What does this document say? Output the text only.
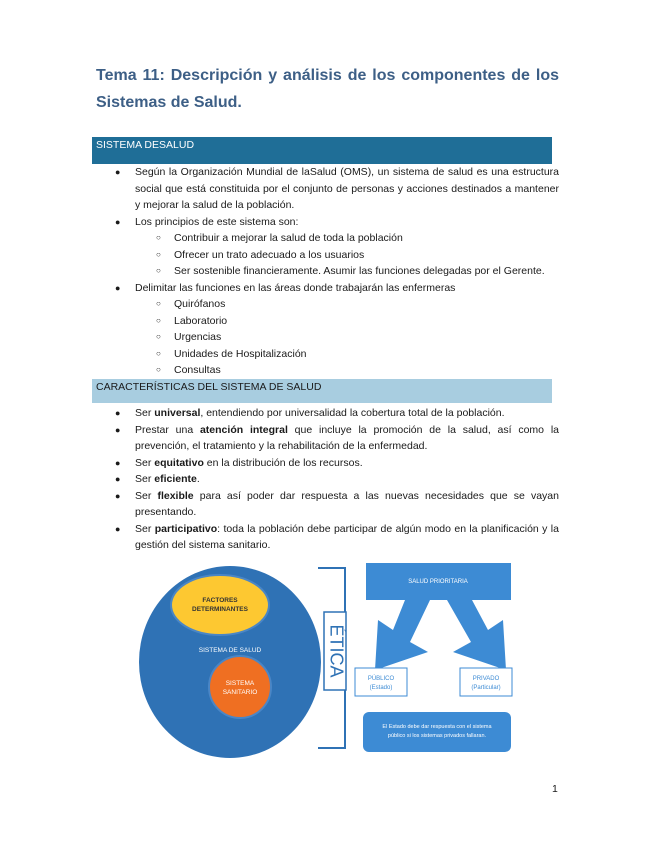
Tema 11: Descripción y análisis de los componentes de los Sistemas de Salud.
SISTEMA DESALUD
● Según la Organización Mundial de laSalud (OMS), un sistema de salud es una estructura social que está constituida por el conjunto de personas y acciones destinados a mantener y mejorar la salud de la población.
● Los principios de este sistema son:
○ Contribuir a mejorar la salud de toda la población
○ Ofrecer un trato adecuado a los usuarios
○ Ser sostenible financieramente. Asumir las funciones delegadas por el Gerente.
● Delimitar las funciones en las áreas donde trabajarán las enfermeras
○ Quirófanos
○ Laboratorio
○ Urgencias
○ Unidades de Hospitalización
○ Consultas
CARACTERÍSTICAS DEL SISTEMA DE SALUD
● Ser universal, entendiendo por universalidad la cobertura total de la población.
● Prestar una atención integral que incluye la promoción de la salud, así como la prevención, el tratamiento y la rehabilitación de la enfermedad.
● Ser equitativo en la distribución de los recursos.
● Ser eficiente.
● Ser flexible para así poder dar respuesta a las nuevas necesidades que se vayan presentando.
● Ser participativo: toda la población debe participar de algún modo en la planificación y la gestión del sistema sanitario.
SISTEMA DE SALUD
FACTORES
DETERMINANTES
SISTEMA
SANITARIO
ÉTICA
SALUD PRIORITARIA
PÚBLICO
(Estado)
PRIVADO
(Particular)
El Estado debe dar respuesta con el sistema
público si los sistemas privados fallaran.
1
